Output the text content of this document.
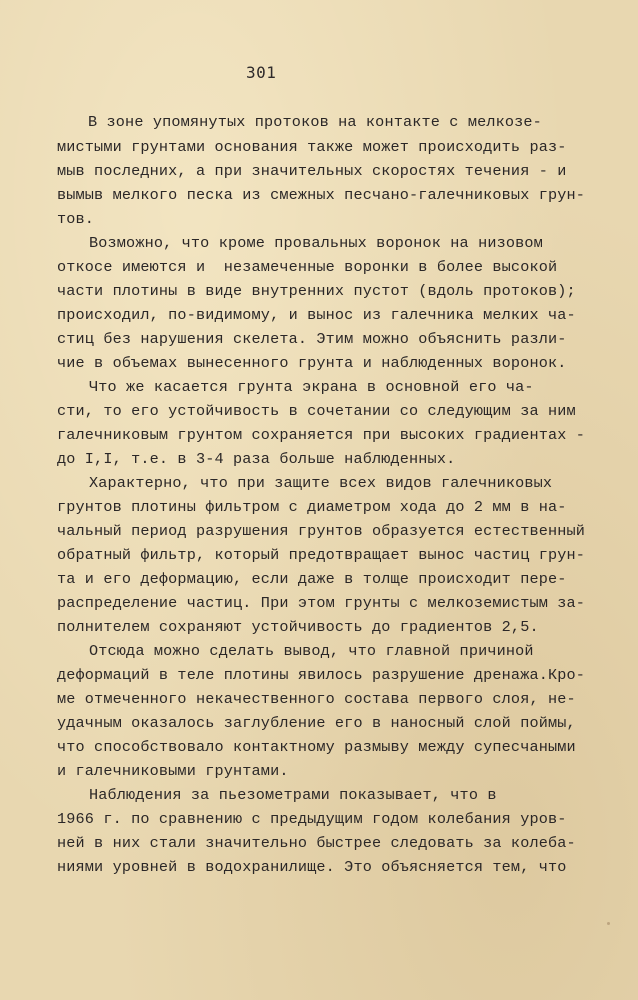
301
В зоне упомянутых протоков на контакте с мелкозе-
мистыми грунтами основания также может происходить раз-
мыв последних, а при значительных скоростях течения - и
вымыв мелкого песка из смежных песчано-галечниковых грун-
тов.
Возможно, что кроме провальных воронок на низовом
откосе имеются и  незамеченные воронки в более высокой
части плотины в виде внутренних пустот (вдоль протоков);
происходил, по-видимому, и вынос из галечника мелких ча-
стиц без нарушения скелета. Этим можно объяснить разли-
чие в объемах вынесенного грунта и наблюденных воронок.
Что же касается грунта экрана в основной его ча-
сти, то его устойчивость в сочетании со следующим за ним
галечниковым грунтом сохраняется при высоких градиентах -
до I,I, т.е. в 3-4 раза больше наблюденных.
Характерно, что при защите всех видов галечниковых
грунтов плотины фильтром с диаметром хода до 2 мм в на-
чальный период разрушения грунтов образуется естественный
обратный фильтр, который предотвращает вынос частиц грун-
та и его деформацию, если даже в толще происходит пере-
распределение частиц. При этом грунты с мелкоземистым за-
полнителем сохраняют устойчивость до градиентов 2,5.
Отсюда можно сделать вывод, что главной причиной
деформаций в теле плотины явилось разрушение дренажа.Кро-
ме отмеченного некачественного состава первого слоя, не-
удачным оказалось заглубление его в наносный слой поймы,
что способствовало контактному размыву между супесчаными
и галечниковыми грунтами.
Наблюдения за пьезометрами показывает, что в
1966 г. по сравнению с предыдущим годом колебания уров-
ней в них стали значительно быстрее следовать за колеба-
ниями уровней в водохранилище. Это объясняется тем, что
